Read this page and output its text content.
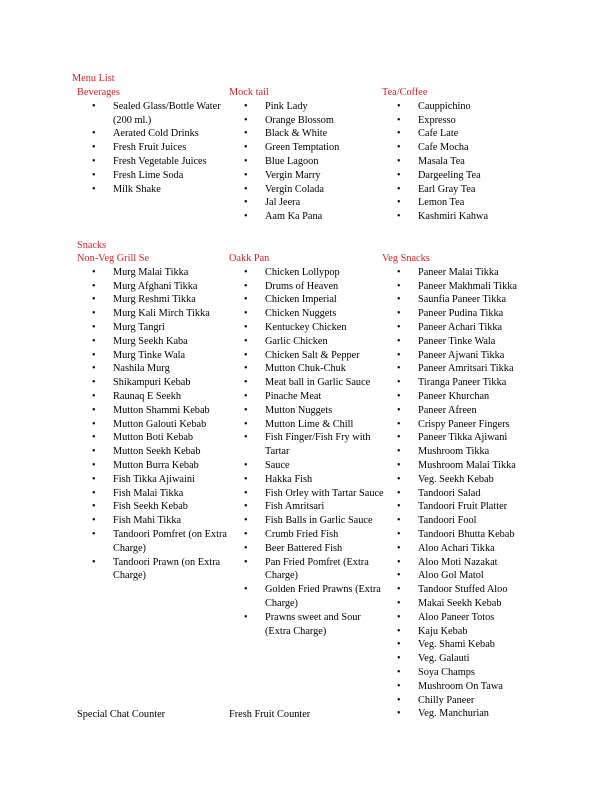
Menu List
Beverages
• Sealed Glass/Bottle Water (200 ml.)
• Aerated Cold Drinks
• Fresh Fruit Juices
• Fresh Vegetable Juices
• Fresh Lime Soda
• Milk Shake
Mock tail
• Pink Lady
• Orange Blossom
• Black & White
• Green Temptation
• Blue Lagoon
• Vergin Marry
• Vergin Colada
• Jal Jeera
• Aam Ka Pana
Tea/Coffee
• Cauppichino
• Expresso
• Cafe Late
• Cafe Mocha
• Masala Tea
• Dargeeling Tea
• Earl Gray Tea
• Lemon Tea
• Kashmiri Kahwa
Snacks
Non-Veg Grill Se
• Murg Malai Tikka
• Murg Afghani Tikka
• Murg Reshmi Tikka
• Murg Kali Mirch Tikka
• Murg Tangri
• Murg Seekh Kaba
• Murg Tinke Wala
• Nashila Murg
• Shikampuri Kebab
• Raunaq E Seekh
• Mutton Shammi Kebab
• Mutton Galouti Kebab
• Mutton Boti Kebab
• Mutton Seekh Kebab
• Mutton Burra Kebab
• Fish Tikka Ajiwaini
• Fish Malai Tikka
• Fish Seekh Kebab
• Fish Mahi Tikka
• Tandoori Pomfret (on Extra Charge)
• Tandoori Prawn (on Extra Charge)
Oakk Pan
• Chicken Lollypop
• Drums of Heaven
• Chicken Imperial
• Chicken Nuggets
• Kentuckey Chicken
• Garlic Chicken
• Chicken Salt & Pepper
• Mutton Chuk-Chuk
• Meat ball in Garlic Sauce
• Pinache Meat
• Mutton Nuggets
• Mutton Lime & Chill
• Fish Finger/Fish Fry with Tartar
• Sauce
• Hakka Fish
• Fish Orley with Tartar Sauce
• Fish Amritsari
• Fish Balls in Garlic Sauce
• Crumb Fried Fish
• Beer Battered Fish
• Pan Fried Pomfret (Extra Charge)
• Golden Fried Prawns (Extra Charge)
• Prawns sweet and Sour (Extra Charge)
Veg Snacks
• Paneer Malai Tikka
• Paneer Makhmali Tikka
• Saunfia Paneer Tikka
• Paneer Pudina Tikka
• Paneer Achari Tikka
• Paneer Tinke Wala
• Paneer Ajwani Tikka
• Paneer Amritsari Tikka
• Tiranga Paneer Tikka
• Paneer Khurchan
• Paneer Afreen
• Crispy Paneer Fingers
• Paneer Tikka Ajiwani
• Mushroom Tikka
• Mushroom Malai Tikka
• Veg. Seekh Kebab
• Tandoori Salad
• Tandoori Fruit Platter
• Tandoori Fool
• Tandoori Bhutta Kebab
• Aloo Achari Tikka
• Aloo Moti Nazakat
• Aloo Gol Matol
• Tandoor Stuffed Aloo
• Makai Seekh Kebab
• Aloo Paneer Totos
• Kaju Kebab
• Veg. Shami Kebab
• Veg. Galauti
• Soya Champs
• Mushroom On Tawa
• Chilly Paneer
• Veg. Manchurian
Special Chat Counter	Fresh Fruit Counter
